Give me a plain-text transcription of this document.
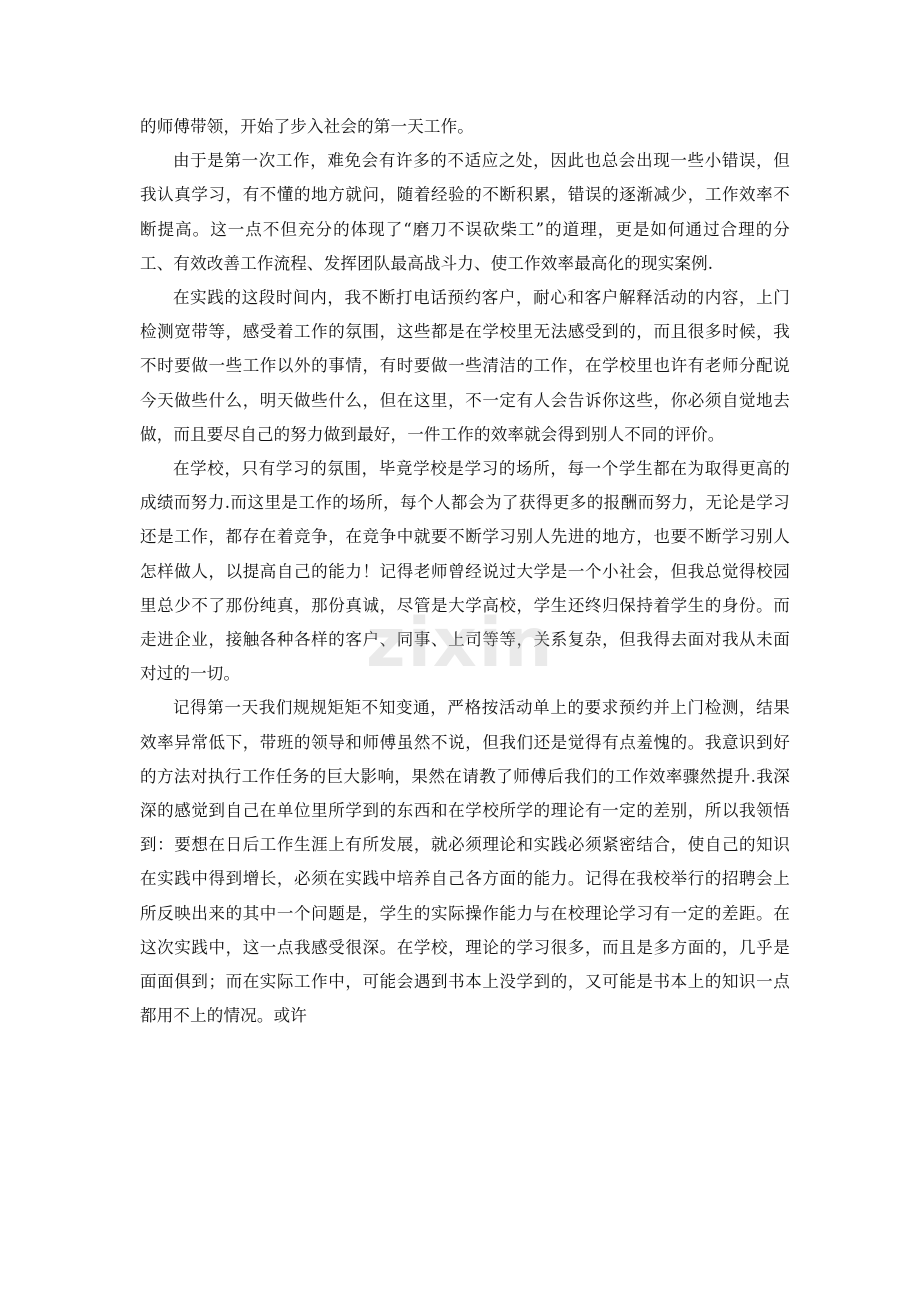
的师傅带领，开始了步入社会的第一天工作。

由于是第一次工作，难免会有许多的不适应之处，因此也总会出现一些小错误，但我认真学习，有不懂的地方就问，随着经验的不断积累，错误的逐渐减少，工作效率不断提高。这一点不但充分的体现了“磨刀不误砍柴工”的道理，更是如何通过合理的分工、有效改善工作流程、发挥团队最高战斗力、使工作效率最高化的现实案例.

在实践的这段时间内，我不断打电话预约客户，耐心和客户解释活动的内容，上门检测宽带等，感受着工作的氛围，这些都是在学校里无法感受到的，而且很多时候，我不时要做一些工作以外的事情，有时要做一些清洁的工作，在学校里也许有老师分配说今天做些什么，明天做些什么，但在这里，不一定有人会告诉你这些，你必须自觉地去做，而且要尽自己的努力做到最好，一件工作的效率就会得到别人不同的评价。

在学校，只有学习的氛围，毕竟学校是学习的场所，每一个学生都在为取得更高的成绩而努力.而这里是工作的场所，每个人都会为了获得更多的报酬而努力，无论是学习还是工作，都存在着竞争，在竞争中就要不断学习别人先进的地方，也要不断学习别人怎样做人，以提高自己的能力！记得老师曾经说过大学是一个小社会，但我总觉得校园里总少不了那份纯真，那份真诚，尽管是大学高校，学生还终归保持着学生的身份。而走进企业，接触各种各样的客户、同事、上司等等，关系复杂，但我得去面对我从未面对过的一切。

记得第一天我们规规矩矩不知变通，严格按活动单上的要求预约并上门检测，结果效率异常低下，带班的领导和师傅虽然不说，但我们还是觉得有点羞愧的。我意识到好的方法对执行工作任务的巨大影响，果然在请教了师傅后我们的工作效率骤然提升.我深深的感觉到自己在单位里所学到的东西和在学校所学的理论有一定的差别，所以我领悟到：要想在日后工作生涯上有所发展，就必须理论和实践必须紧密结合，使自己的知识在实践中得到增长，必须在实践中培养自己各方面的能力。记得在我校举行的招聘会上所反映出来的其中一个问题是，学生的实际操作能力与在校理论学习有一定的差距。在这次实践中，这一点我感受很深。在学校，理论的学习很多，而且是多方面的，几乎是面面俱到；而在实际工作中，可能会遇到书本上没学到的，又可能是书本上的知识一点都用不上的情况。或许

zixin
